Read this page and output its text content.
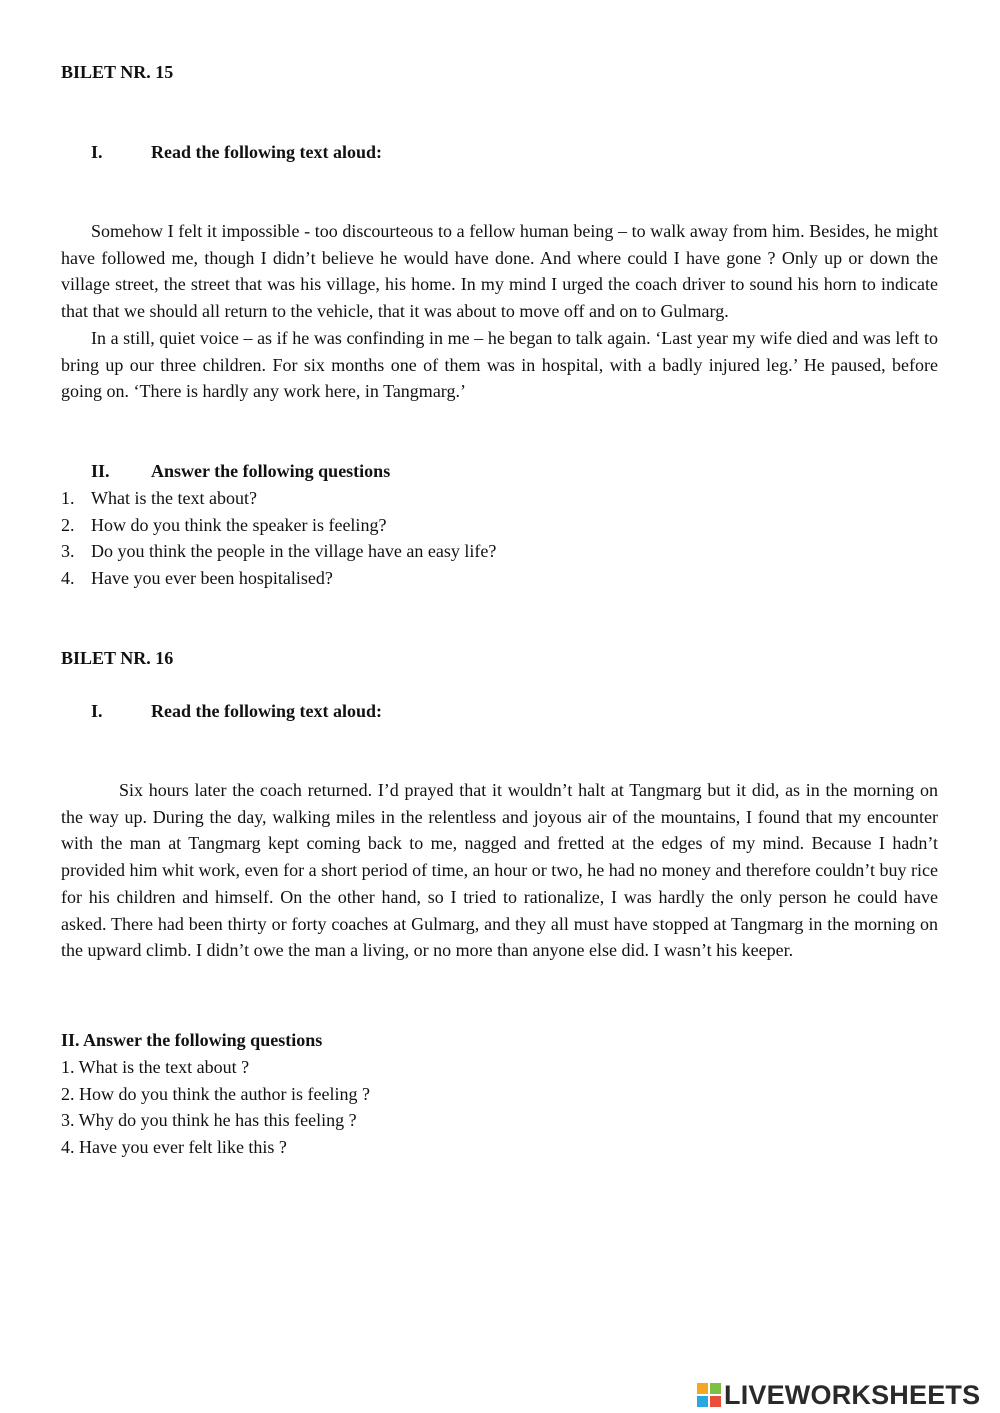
BILET NR. 15
I.	Read the following text aloud:

Somehow I felt it impossible - too discourteous to a fellow human being – to walk away from him. Besides, he might have followed me, though I didn’t believe he would have done. And where could I have gone ? Only up or down the village street, the street that was his village, his home. In my mind I urged the coach driver to sound his horn to indicate that that we should all return to the vehicle, that it was about to move off and on to Gulmarg.

In a still, quiet voice – as if he was confinding in me – he began to talk again. ‘Last year my wife died and was left to bring up our three children. For six months one of them was in hospital, with a badly injured leg.’ He paused, before going on. ‘There is hardly any work here, in Tangmarg.’

II. Answer the following questions
1. What is the text about?
2. How do you think the speaker is feeling?
3. Do you think the people in the village have an easy life?
4. Have you ever been hospitalised?
BILET NR. 16
I.	Read the following text aloud:

Six hours later the coach returned. I’d prayed that it wouldn’t halt at Tangmarg but it did, as in the morning on the way up. During the day, walking miles in the relentless and joyous air of the mountains, I found that my encounter with the man at Tangmarg kept coming back to me, nagged and fretted at the edges of my mind. Because I hadn’t provided him whit work, even for a short period of time, an hour or two, he had no money and therefore couldn’t buy rice for his children and himself. On the other hand, so I tried to rationalize, I was hardly the only person he could have asked. There had been thirty or forty coaches at Gulmarg, and they all must have stopped at Tangmarg in the morning on the upward climb. I didn’t owe the man a living, or no more than anyone else did. I wasn’t his keeper.

II. Answer the following questions
1. What is the text about ?
2. How do you think the author is feeling ?
3. Why do you think he has this feeling ?
4. Have you ever felt like this ?
LIVEWORKSHEETS
